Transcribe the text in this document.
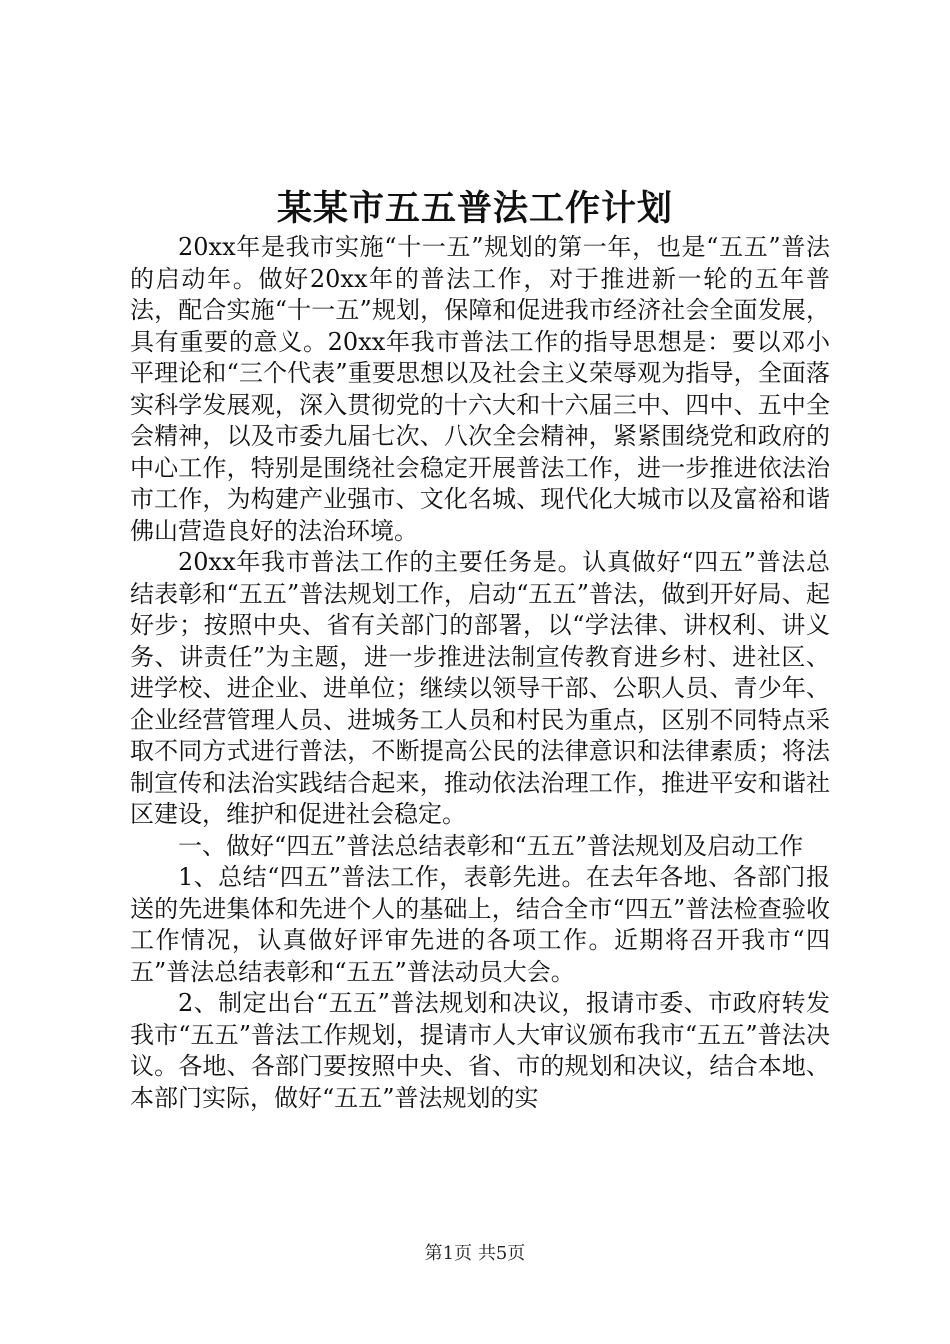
某某市五五普法工作计划

20xx年是我市实施“十一五”规划的第一年，也是“五五”普法的启动年。做好20xx年的普法工作，对于推进新一轮的五年普法，配合实施“十一五”规划，保障和促进我市经济社会全面发展，具有重要的意义。20xx年我市普法工作的指导思想是：要以邓小平理论和“三个代表”重要思想以及社会主义荣辱观为指导，全面落实科学发展观，深入贯彻党的十六大和十六届三中、四中、五中全会精神，以及市委九届七次、八次全会精神，紧紧围绕党和政府的中心工作，特别是围绕社会稳定开展普法工作，进一步推进依法治市工作，为构建产业强市、文化名城、现代化大城市以及富裕和谐佛山营造良好的法治环境。

20xx年我市普法工作的主要任务是。认真做好“四五”普法总结表彰和“五五”普法规划工作，启动“五五”普法，做到开好局、起好步；按照中央、省有关部门的部署，以“学法律、讲权利、讲义务、讲责任”为主题，进一步推进法制宣传教育进乡村、进社区、进学校、进企业、进单位；继续以领导干部、公职人员、青少年、企业经营管理人员、进城务工人员和村民为重点，区别不同特点采取不同方式进行普法，不断提高公民的法律意识和法律素质；将法制宣传和法治实践结合起来，推动依法治理工作，推进平安和谐社区建设，维护和促进社会稳定。

一、做好“四五”普法总结表彰和“五五”普法规划及启动工作

1、总结“四五”普法工作，表彰先进。在去年各地、各部门报送的先进集体和先进个人的基础上，结合全市“四五”普法检查验收工作情况，认真做好评审先进的各项工作。近期将召开我市“四五”普法总结表彰和“五五”普法动员大会。

2、制定出台“五五”普法规划和决议，报请市委、市政府转发我市“五五”普法工作规划，提请市人大审议颁布我市“五五”普法决议。各地、各部门要按照中央、省、市的规划和决议，结合本地、本部门实际，做好“五五”普法规划的实

第1页 共5页
